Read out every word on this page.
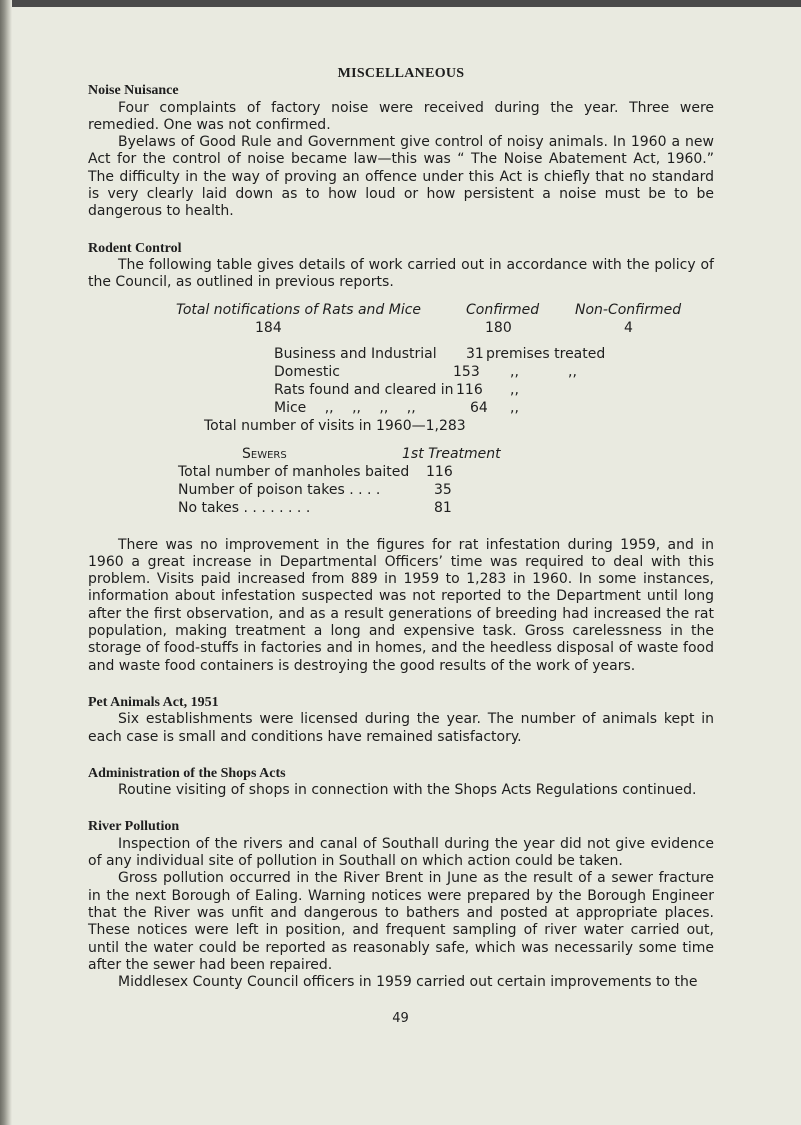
MISCELLANEOUS
Noise Nuisance

Four complaints of factory noise were received during the year. Three were remedied. One was not confirmed.

Byelaws of Good Rule and Government give control of noisy animals. In 1960 a new Act for the control of noise became law—this was “ The Noise Abatement Act, 1960.” The difficulty in the way of proving an offence under this Act is chiefly that no standard is very clearly laid down as to how loud or how persistent a noise must be to be dangerous to health.

Rodent Control

The following table gives details of work carried out in accordance with the policy of the Council, as outlined in previous reports.

Total notifications of Rats and Mice	Confirmed	Non-Confirmed
184	180	4
Business and Industrial 31 premises treated
Domestic	153 ,,	,,
Rats found and cleared in 116 ,,
Mice ,, ,, ,, ,,	64 ,,
Total number of visits in 1960—1,283
Sewers	1st Treatment
Total number of manholes baited 116
Number of poison takes . . . .	35
No takes . . . . . . . .	81

There was no improvement in the figures for rat infestation during 1959, and in 1960 a great increase in Departmental Officers’ time was required to deal with this problem. Visits paid increased from 889 in 1959 to 1,283 in 1960. In some instances, information about infestation suspected was not reported to the Department until long after the first observation, and as a result generations of breeding had increased the rat population, making treatment a long and expensive task. Gross carelessness in the storage of food-stuffs in factories and in homes, and the heedless disposal of waste food and waste food containers is destroying the good results of the work of years.

Pet Animals Act, 1951

Six establishments were licensed during the year. The number of animals kept in each case is small and conditions have remained satisfactory.

Administration of the Shops Acts

Routine visiting of shops in connection with the Shops Acts Regulations continued.

River Pollution

Inspection of the rivers and canal of Southall during the year did not give evidence of any individual site of pollution in Southall on which action could be taken.

Gross pollution occurred in the River Brent in June as the result of a sewer fracture in the next Borough of Ealing. Warning notices were prepared by the Borough Engineer that the River was unfit and dangerous to bathers and posted at appropriate places. These notices were left in position, and frequent sampling of river water carried out, until the water could be reported as reasonably safe, which was necessarily some time after the sewer had been repaired.

Middlesex County Council officers in 1959 carried out certain improvements to the

49
